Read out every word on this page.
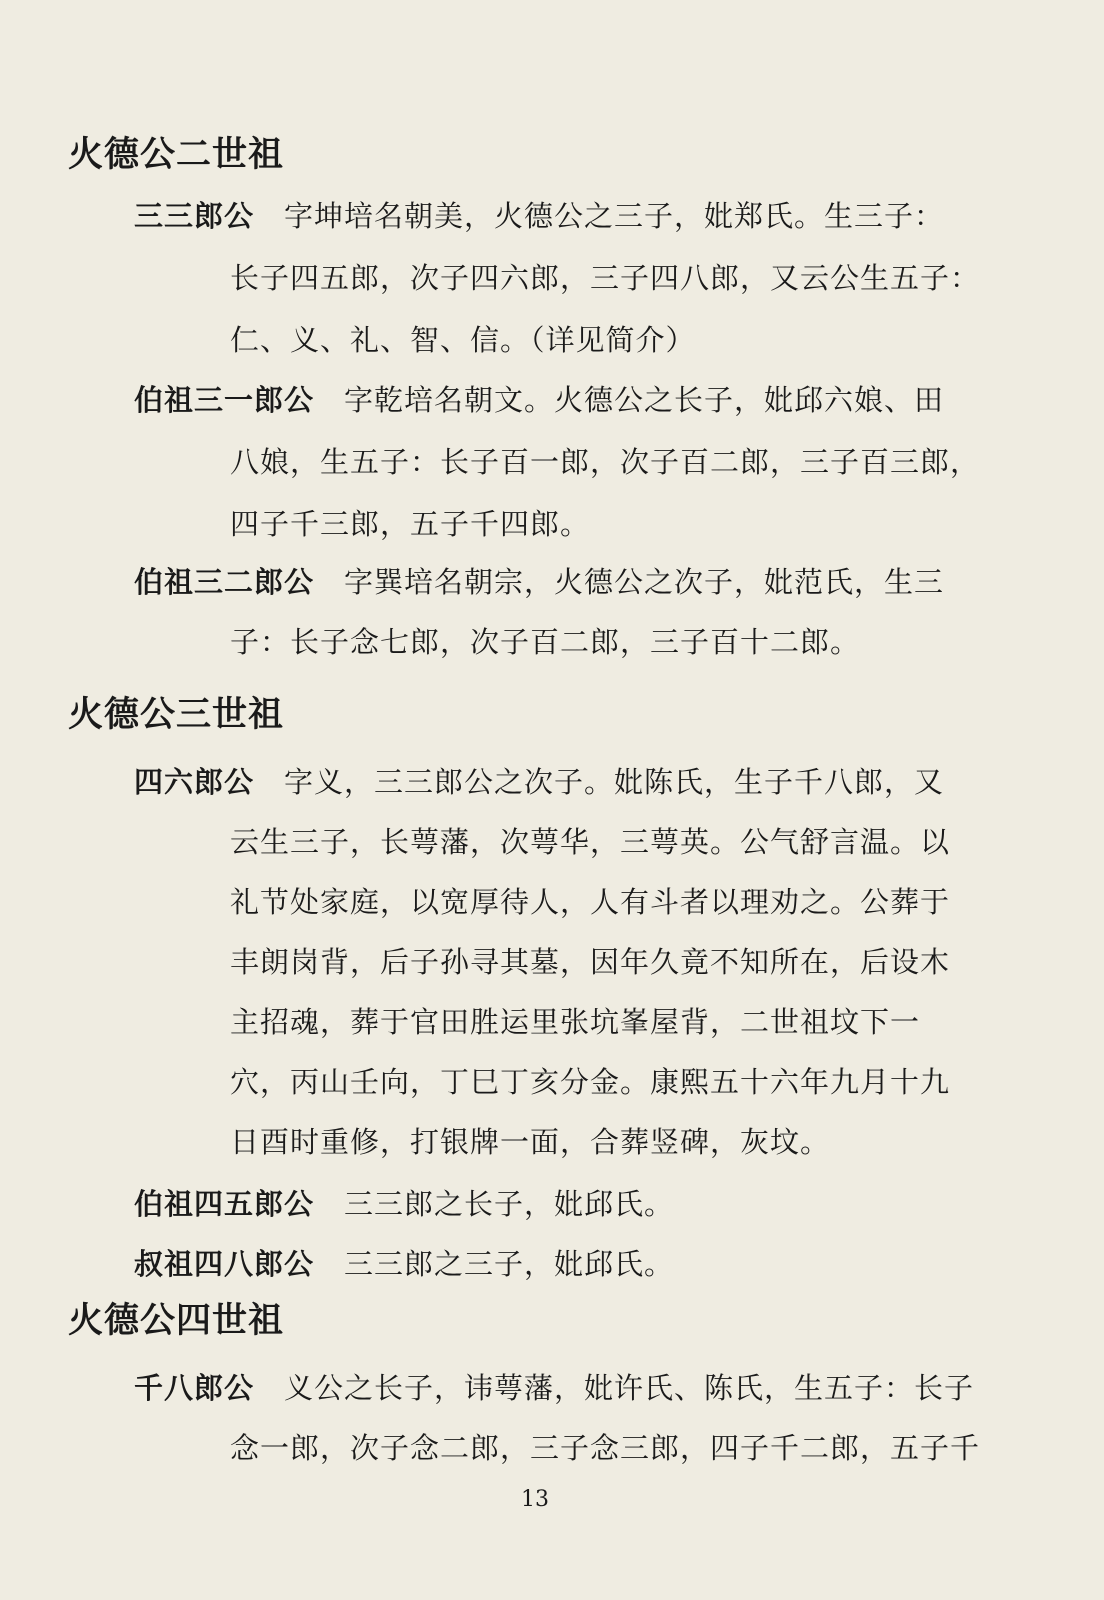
火德公二世祖
三三郎公 字坤培名朝美，火德公之三子，妣郑氏。生三子：
长子四五郎，次子四六郎，三子四八郎，又云公生五子：
仁、义、礼、智、信。（详见简介）
伯祖三一郎公 字乾培名朝文。火德公之长子，妣邱六娘、田
八娘，生五子：长子百一郎，次子百二郎，三子百三郎，
四子千三郎，五子千四郎。
伯祖三二郎公 字巽培名朝宗，火德公之次子，妣范氏，生三
子：长子念七郎，次子百二郎，三子百十二郎。
火德公三世祖
四六郎公 字义，三三郎公之次子。妣陈氏，生子千八郎，又
云生三子，长萼藩，次萼华，三萼英。公气舒言温。以
礼节处家庭，以宽厚待人，人有斗者以理劝之。公葬于
丰朗岗背，后子孙寻其墓，因年久竟不知所在，后设木
主招魂，葬于官田胜运里张坑峯屋背，二世祖坟下一
穴，丙山壬向，丁巳丁亥分金。康熙五十六年九月十九
日酉时重修，打银牌一面，合葬竖碑，灰坟。
伯祖四五郎公 三三郎之长子，妣邱氏。
叔祖四八郎公 三三郎之三子，妣邱氏。
火德公四世祖
千八郎公 义公之长子，讳萼藩，妣许氏、陈氏，生五子：长子
念一郎，次子念二郎，三子念三郎，四子千二郎，五子千
13
